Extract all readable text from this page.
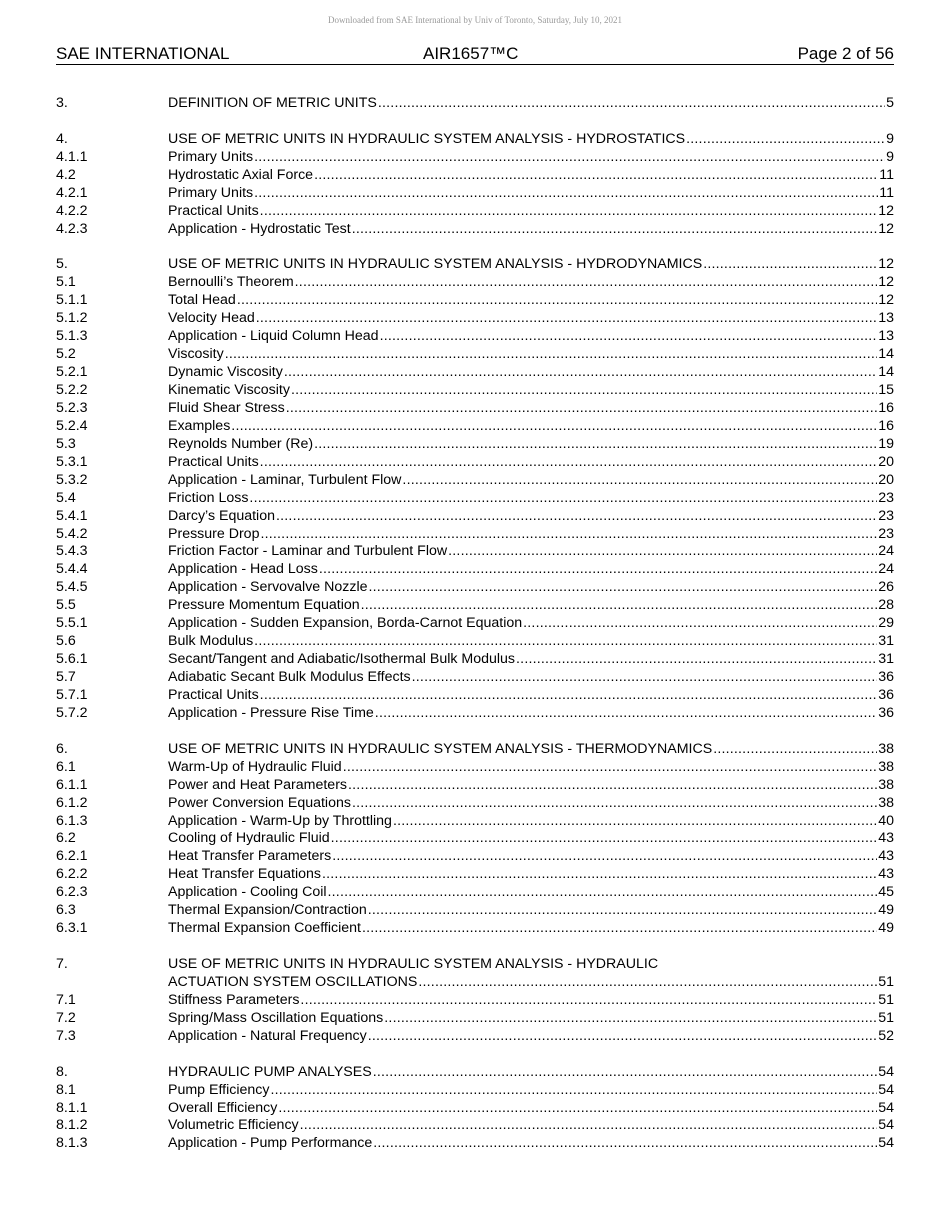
Downloaded from SAE International by Univ of Toronto, Saturday, July 10, 2021
SAE INTERNATIONAL	AIR1657™C	Page 2 of 56
3.	DEFINITION OF METRIC UNITS .....	5
4.	USE OF METRIC UNITS IN HYDRAULIC SYSTEM ANALYSIS - HYDROSTATICS .....	9
4.1.1	Primary Units .....	9
4.2	Hydrostatic Axial Force .....	11
4.2.1	Primary Units .....	11
4.2.2	Practical Units .....	12
4.2.3	Application - Hydrostatic Test .....	12
5.	USE OF METRIC UNITS IN HYDRAULIC SYSTEM ANALYSIS - HYDRODYNAMICS .....	12
5.1	Bernoulli’s Theorem .....	12
5.1.1	Total Head .....	12
5.1.2	Velocity Head .....	13
5.1.3	Application - Liquid Column Head .....	13
5.2	Viscosity .....	14
5.2.1	Dynamic Viscosity .....	14
5.2.2	Kinematic Viscosity .....	15
5.2.3	Fluid Shear Stress .....	16
5.2.4	Examples .....	16
5.3	Reynolds Number (Re) .....	19
5.3.1	Practical Units .....	20
5.3.2	Application - Laminar, Turbulent Flow .....	20
5.4	Friction Loss .....	23
5.4.1	Darcy’s Equation .....	23
5.4.2	Pressure Drop .....	23
5.4.3	Friction Factor - Laminar and Turbulent Flow .....	24
5.4.4	Application - Head Loss .....	24
5.4.5	Application - Servovalve Nozzle .....	26
5.5	Pressure Momentum Equation .....	28
5.5.1	Application - Sudden Expansion, Borda-Carnot Equation .....	29
5.6	Bulk Modulus .....	31
5.6.1	Secant/Tangent and Adiabatic/Isothermal Bulk Modulus .....	31
5.7	Adiabatic Secant Bulk Modulus Effects .....	36
5.7.1	Practical Units .....	36
5.7.2	Application - Pressure Rise Time .....	36
6.	USE OF METRIC UNITS IN HYDRAULIC SYSTEM ANALYSIS - THERMODYNAMICS .....	38
6.1	Warm-Up of Hydraulic Fluid .....	38
6.1.1	Power and Heat Parameters .....	38
6.1.2	Power Conversion Equations .....	38
6.1.3	Application - Warm-Up by Throttling .....	40
6.2	Cooling of Hydraulic Fluid .....	43
6.2.1	Heat Transfer Parameters .....	43
6.2.2	Heat Transfer Equations .....	43
6.2.3	Application - Cooling Coil .....	45
6.3	Thermal Expansion/Contraction .....	49
6.3.1	Thermal Expansion Coefficient .....	49
7.	USE OF METRIC UNITS IN HYDRAULIC SYSTEM ANALYSIS - HYDRAULIC
ACTUATION SYSTEM OSCILLATIONS .....	51
7.1	Stiffness Parameters .....	51
7.2	Spring/Mass Oscillation Equations .....	51
7.3	Application - Natural Frequency .....	52
8.	HYDRAULIC PUMP ANALYSES .....	54
8.1	Pump Efficiency .....	54
8.1.1	Overall Efficiency .....	54
8.1.2	Volumetric Efficiency .....	54
8.1.3	Application - Pump Performance .....	54
